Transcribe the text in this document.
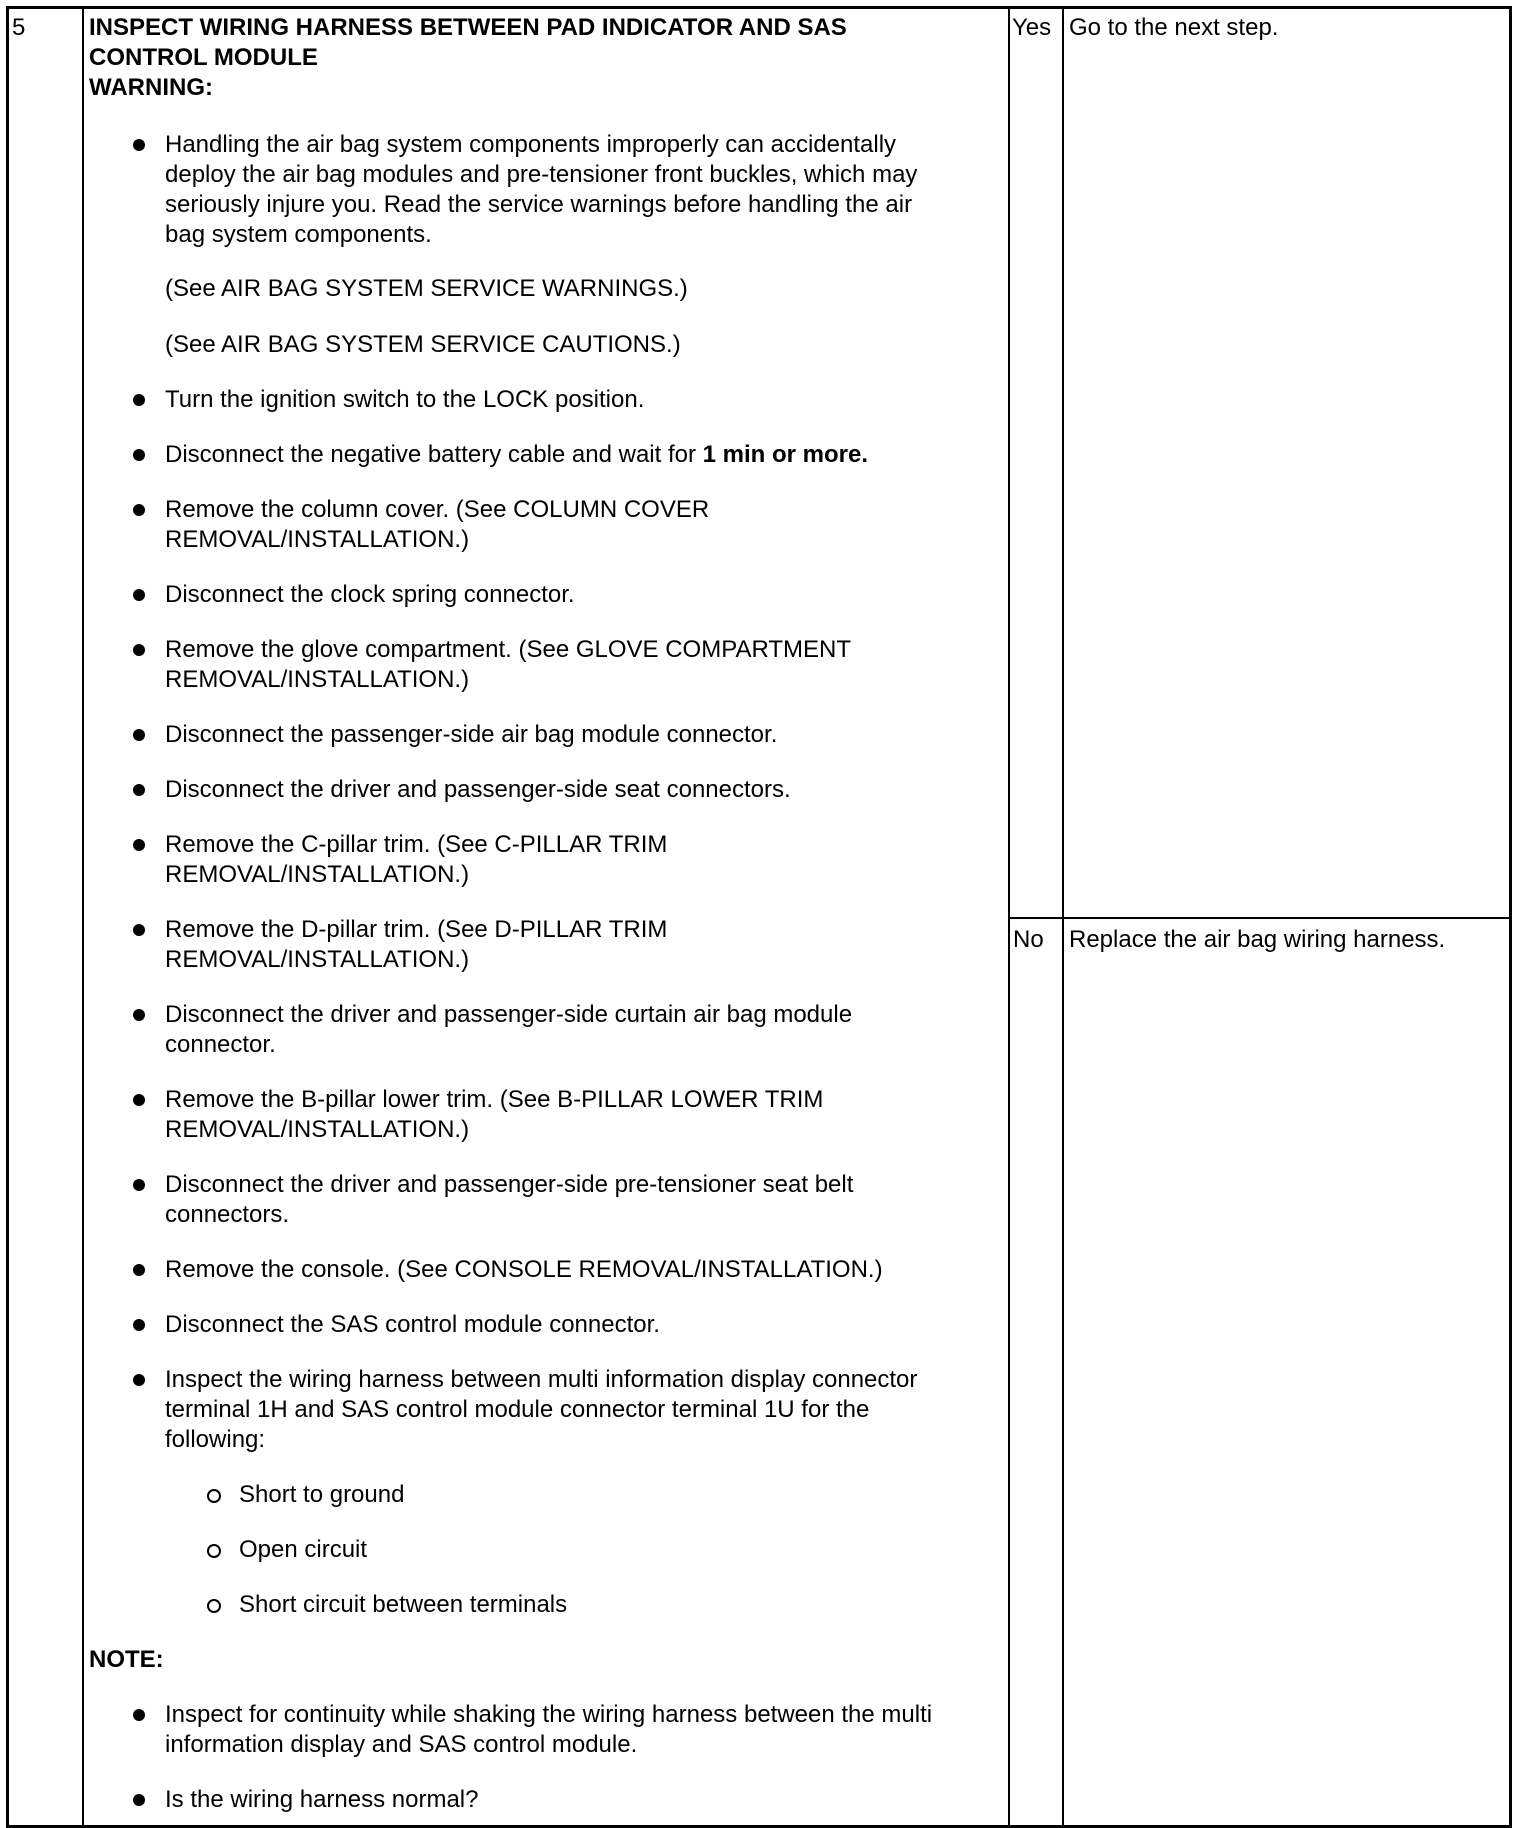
5	INSPECT WIRING HARNESS BETWEEN PAD INDICATOR AND SAS
CONTROL MODULE
WARNING:
Handling the air bag system components improperly can accidentally
deploy the air bag modules and pre-tensioner front buckles, which may
seriously injure you. Read the service warnings before handling the air
bag system components.
(See AIR BAG SYSTEM SERVICE WARNINGS.)
(See AIR BAG SYSTEM SERVICE CAUTIONS.)
Turn the ignition switch to the LOCK position.
Disconnect the negative battery cable and wait for 1 min or more.
Remove the column cover. (See COLUMN COVER
REMOVAL/INSTALLATION.)
Disconnect the clock spring connector.
Remove the glove compartment. (See GLOVE COMPARTMENT
REMOVAL/INSTALLATION.)
Disconnect the passenger-side air bag module connector.
Disconnect the driver and passenger-side seat connectors.
Remove the C-pillar trim. (See C-PILLAR TRIM
REMOVAL/INSTALLATION.)
Remove the D-pillar trim. (See D-PILLAR TRIM
REMOVAL/INSTALLATION.)
Disconnect the driver and passenger-side curtain air bag module
connector.
Remove the B-pillar lower trim. (See B-PILLAR LOWER TRIM
REMOVAL/INSTALLATION.)
Disconnect the driver and passenger-side pre-tensioner seat belt
connectors.
Remove the console. (See CONSOLE REMOVAL/INSTALLATION.)
Disconnect the SAS control module connector.
Inspect the wiring harness between multi information display connector
terminal 1H and SAS control module connector terminal 1U for the
following:
Short to ground
Open circuit
Short circuit between terminals
NOTE:
Inspect for continuity while shaking the wiring harness between the multi
information display and SAS control module.
Is the wiring harness normal?
Yes Go to the next step.
No Replace the air bag wiring harness.
